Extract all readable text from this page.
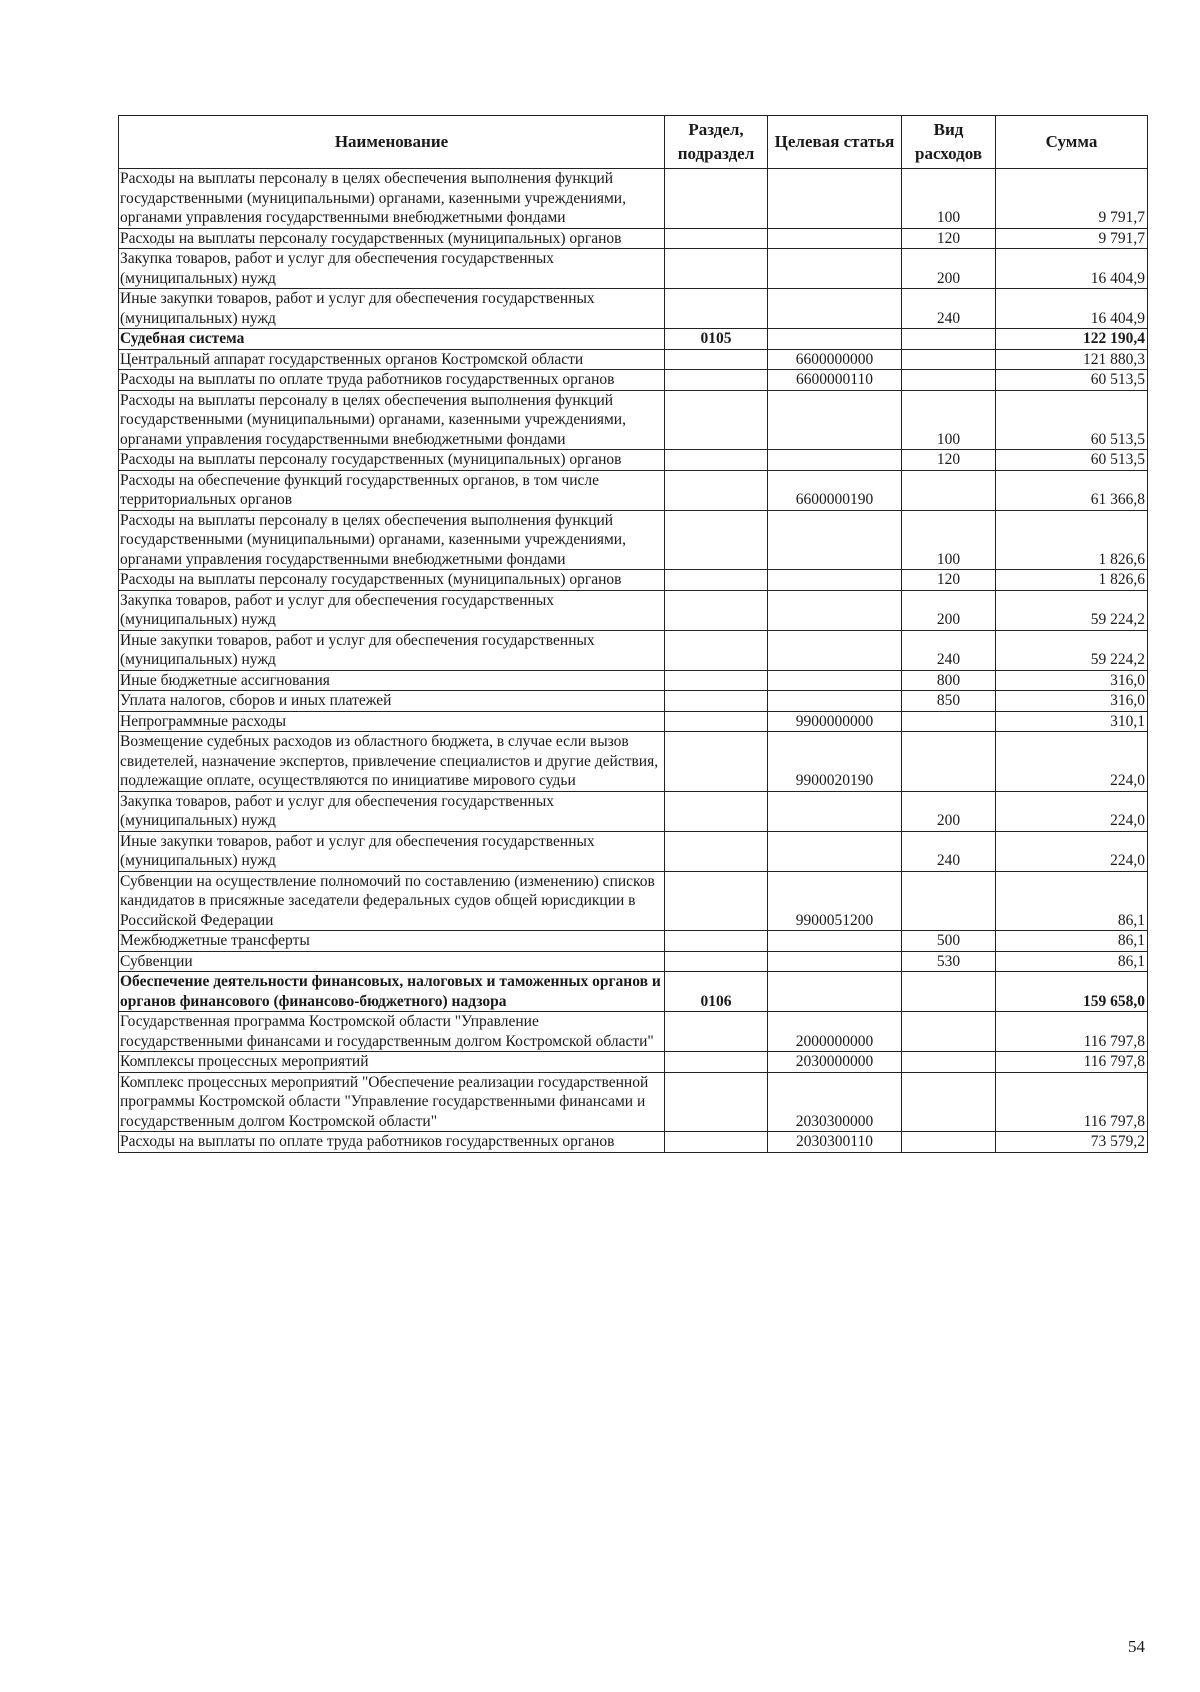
Наименование	Раздел, подраздел	Целевая статья	Вид расходов	Сумма
Расходы на выплаты персоналу в целях обеспечения выполнения функций государственными (муниципальными) органами, казенными учреждениями, органами управления государственными внебюджетными фондами			100	9 791,7
Расходы на выплаты персоналу государственных (муниципальных) органов			120	9 791,7
Закупка товаров, работ и услуг для обеспечения государственных (муниципальных) нужд			200	16 404,9
Иные закупки товаров, работ и услуг для обеспечения государственных (муниципальных) нужд			240	16 404,9
Судебная система	0105			122 190,4
Центральный аппарат государственных органов Костромской области		6600000000		121 880,3
Расходы на выплаты по оплате труда работников государственных органов		6600000110		60 513,5
Расходы на выплаты персоналу в целях обеспечения выполнения функций государственными (муниципальными) органами, казенными учреждениями, органами управления государственными внебюджетными фондами			100	60 513,5
Расходы на выплаты персоналу государственных (муниципальных) органов			120	60 513,5
Расходы на обеспечение функций государственных органов, в том числе территориальных органов		6600000190		61 366,8
Расходы на выплаты персоналу в целях обеспечения выполнения функций государственными (муниципальными) органами, казенными учреждениями, органами управления государственными внебюджетными фондами			100	1 826,6
Расходы на выплаты персоналу государственных (муниципальных) органов			120	1 826,6
Закупка товаров, работ и услуг для обеспечения государственных (муниципальных) нужд			200	59 224,2
Иные закупки товаров, работ и услуг для обеспечения государственных (муниципальных) нужд			240	59 224,2
Иные бюджетные ассигнования			800	316,0
Уплата налогов, сборов и иных платежей			850	316,0
Непрограммные расходы		9900000000		310,1
Возмещение судебных расходов из областного бюджета, в случае если вызов свидетелей, назначение экспертов, привлечение специалистов и другие действия, подлежащие оплате, осуществляются по инициативе мирового судьи		9900020190		224,0
Закупка товаров, работ и услуг для обеспечения государственных (муниципальных) нужд			200	224,0
Иные закупки товаров, работ и услуг для обеспечения государственных (муниципальных) нужд			240	224,0
Субвенции на осуществление полномочий по составлению (изменению) списков кандидатов в присяжные заседатели федеральных судов общей юрисдикции в Российской Федерации		9900051200		86,1
Межбюджетные трансферты			500	86,1
Субвенции			530	86,1
Обеспечение деятельности финансовых, налоговых и таможенных органов и органов финансового (финансово-бюджетного) надзора	0106			159 658,0
Государственная программа Костромской области "Управление государственными финансами и государственным долгом Костромской области"		2000000000		116 797,8
Комплексы процессных мероприятий		2030000000		116 797,8
Комплекс процессных мероприятий "Обеспечение реализации государственной программы Костромской области "Управление государственными финансами и государственным долгом Костромской области"		2030300000		116 797,8
Расходы на выплаты по оплате труда работников государственных органов		2030300110		73 579,2
54
